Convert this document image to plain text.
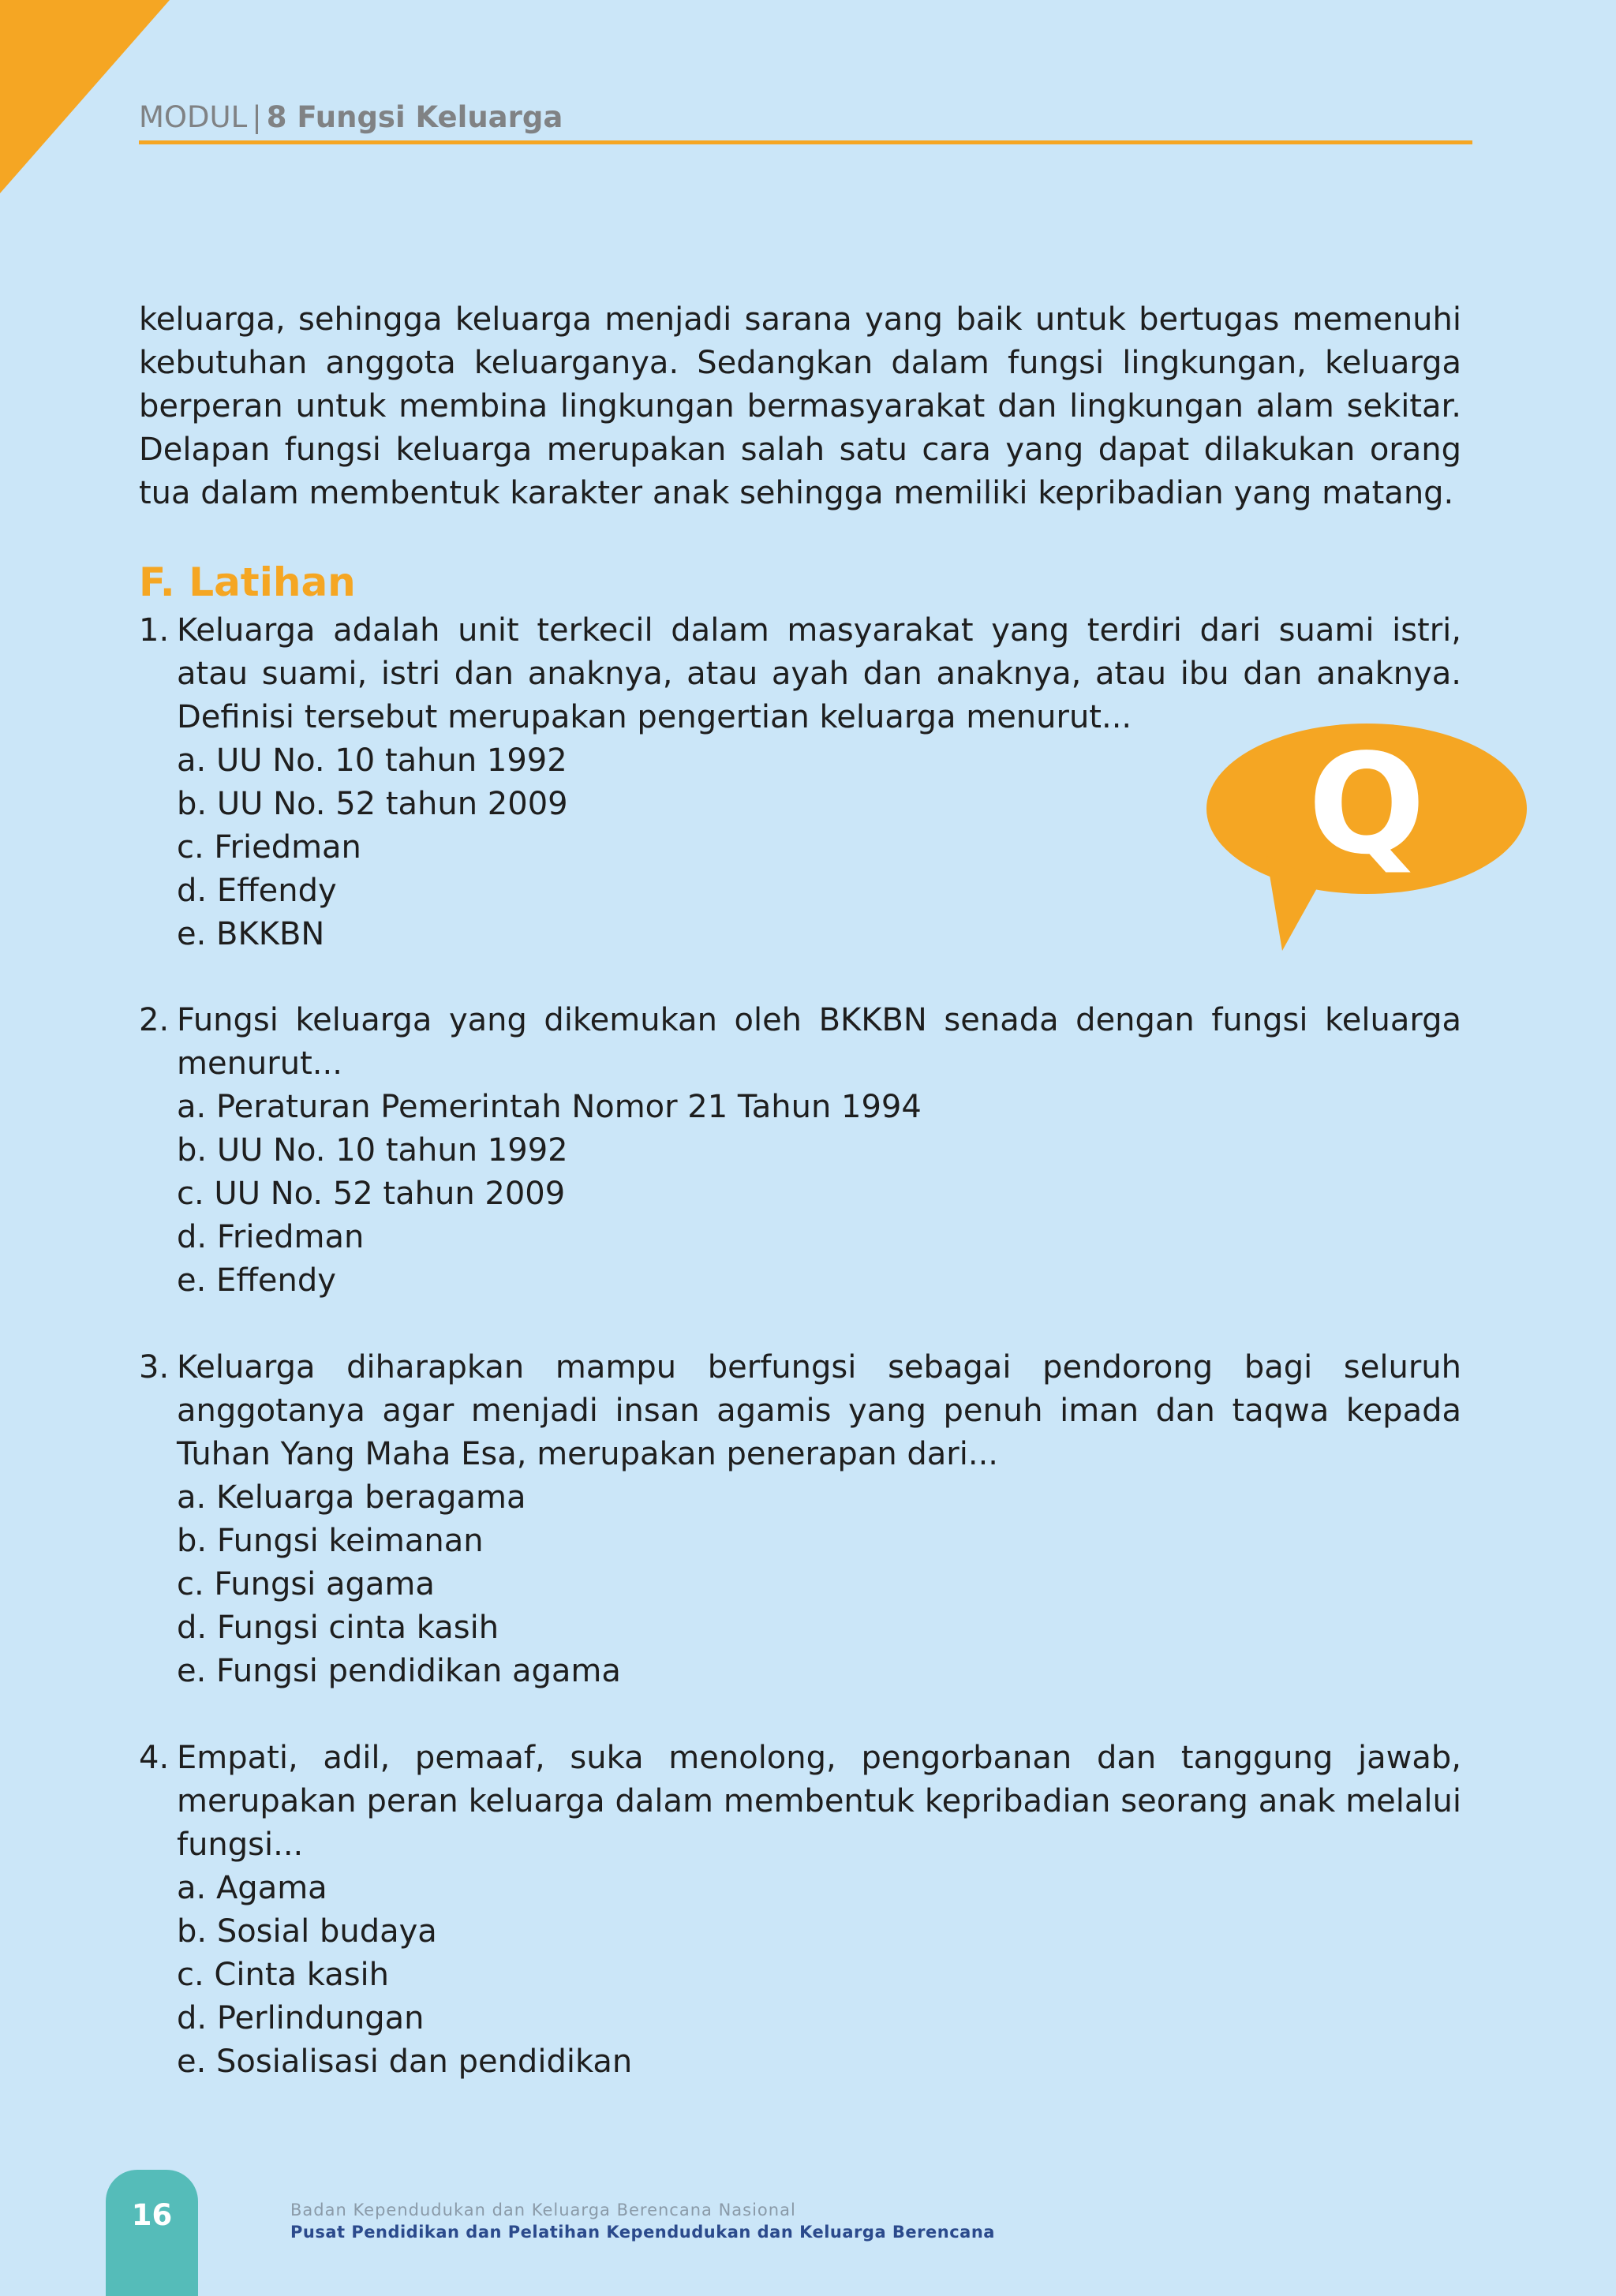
MODUL | 8 Fungsi Keluarga

keluarga, sehingga keluarga menjadi sarana yang baik untuk bertugas memenuhi kebutuhan anggota keluarganya. Sedangkan dalam fungsi lingkungan, keluarga berperan untuk membina lingkungan bermasyarakat dan lingkungan alam sekitar. Delapan fungsi keluarga merupakan salah satu cara yang dapat dilakukan orang tua dalam membentuk karakter anak sehingga memiliki kepribadian yang matang.

F. Latihan
1. Keluarga adalah unit terkecil dalam masyarakat yang terdiri dari suami istri, atau suami, istri dan anaknya, atau ayah dan anaknya, atau ibu dan anaknya. Definisi tersebut merupakan pengertian keluarga menurut...
a. UU No. 10 tahun 1992
b. UU No. 52 tahun 2009
c. Friedman
d. Effendy
e. BKKBN
Q
2. Fungsi keluarga yang dikemukan oleh BKKBN senada dengan fungsi keluarga menurut...
a. Peraturan Pemerintah Nomor 21 Tahun 1994
b. UU No. 10 tahun 1992
c. UU No. 52 tahun 2009
d. Friedman
e. Effendy
3. Keluarga diharapkan mampu berfungsi sebagai pendorong bagi seluruh anggotanya agar menjadi insan agamis yang penuh iman dan taqwa kepada Tuhan Yang Maha Esa, merupakan penerapan dari...
a. Keluarga beragama
b. Fungsi keimanan
c. Fungsi agama
d. Fungsi cinta kasih
e. Fungsi pendidikan agama
4. Empati, adil, pemaaf, suka menolong, pengorbanan dan tanggung jawab, merupakan peran keluarga dalam membentuk kepribadian seorang anak melalui fungsi...
a. Agama
b. Sosial budaya
c. Cinta kasih
d. Perlindungan
e. Sosialisasi dan pendidikan
16	Badan Kependudukan dan Keluarga Berencana Nasional
Pusat Pendidikan dan Pelatihan Kependudukan dan Keluarga Berencana
